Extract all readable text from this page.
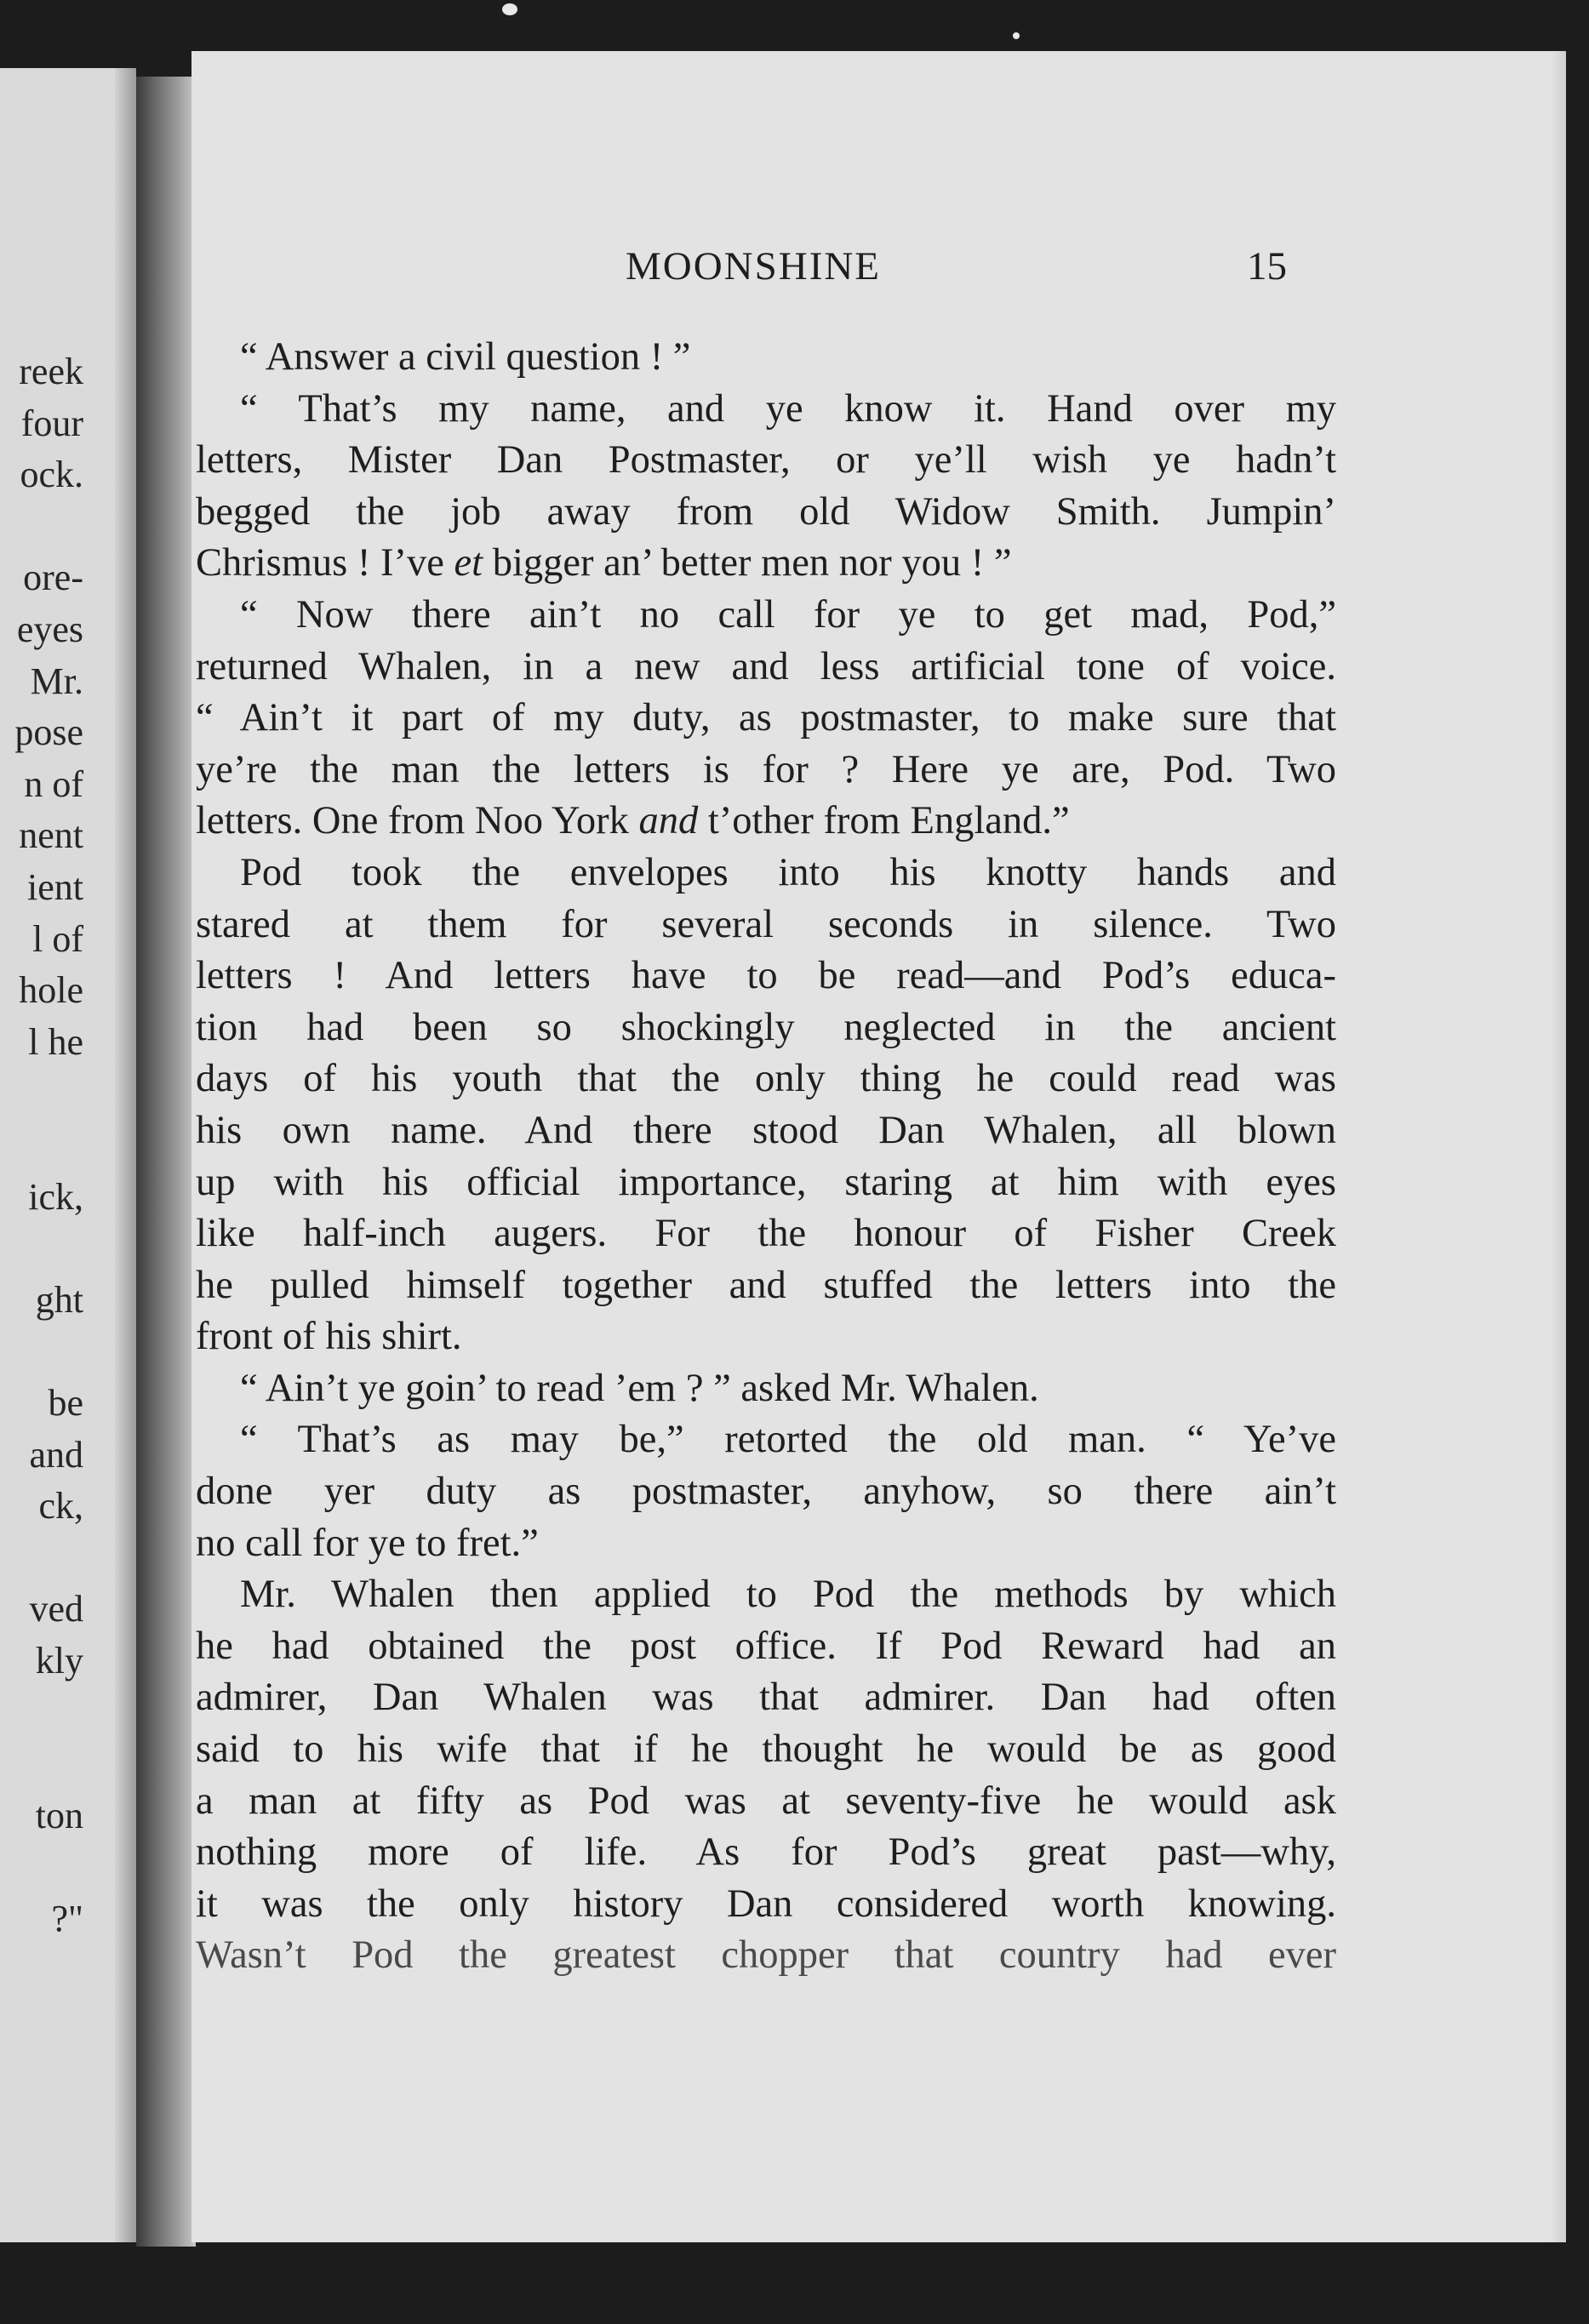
reek
four
ock.
ore-
eyes
Mr.
pose
n of
nent
ient
l of
hole
l he
ick,
ght
be
and
ck,
ved
kly
ton
?"
MOONSHINE	15
“ Answer a civil question ! ”
“ That’s my name, and ye know it. Hand over my
letters, Mister Dan Postmaster, or ye’ll wish ye hadn’t
begged the job away from old Widow Smith. Jumpin’
Chrismus ! I’ve et bigger an’ better men nor you ! ”
“ Now there ain’t no call for ye to get mad, Pod,”
returned Whalen, in a new and less artificial tone of voice.
“ Ain’t it part of my duty, as postmaster, to make sure that
ye’re the man the letters is for ? Here ye are, Pod. Two
letters. One from Noo York and t’other from England.”
Pod took the envelopes into his knotty hands and
stared at them for several seconds in silence. Two
letters ! And letters have to be read—and Pod’s educa-
tion had been so shockingly neglected in the ancient
days of his youth that the only thing he could read was
his own name. And there stood Dan Whalen, all blown
up with his official importance, staring at him with eyes
like half-inch augers. For the honour of Fisher Creek
he pulled himself together and stuffed the letters into the
front of his shirt.
“ Ain’t ye goin’ to read ’em ? ” asked Mr. Whalen.
“ That’s as may be,” retorted the old man. “ Ye’ve
done yer duty as postmaster, anyhow, so there ain’t
no call for ye to fret.”
Mr. Whalen then applied to Pod the methods by which
he had obtained the post office. If Pod Reward had an
admirer, Dan Whalen was that admirer. Dan had often
said to his wife that if he thought he would be as good
a man at fifty as Pod was at seventy-five he would ask
nothing more of life. As for Pod’s great past—why,
it was the only history Dan considered worth knowing.
Wasn’t Pod the greatest chopper that country had ever
